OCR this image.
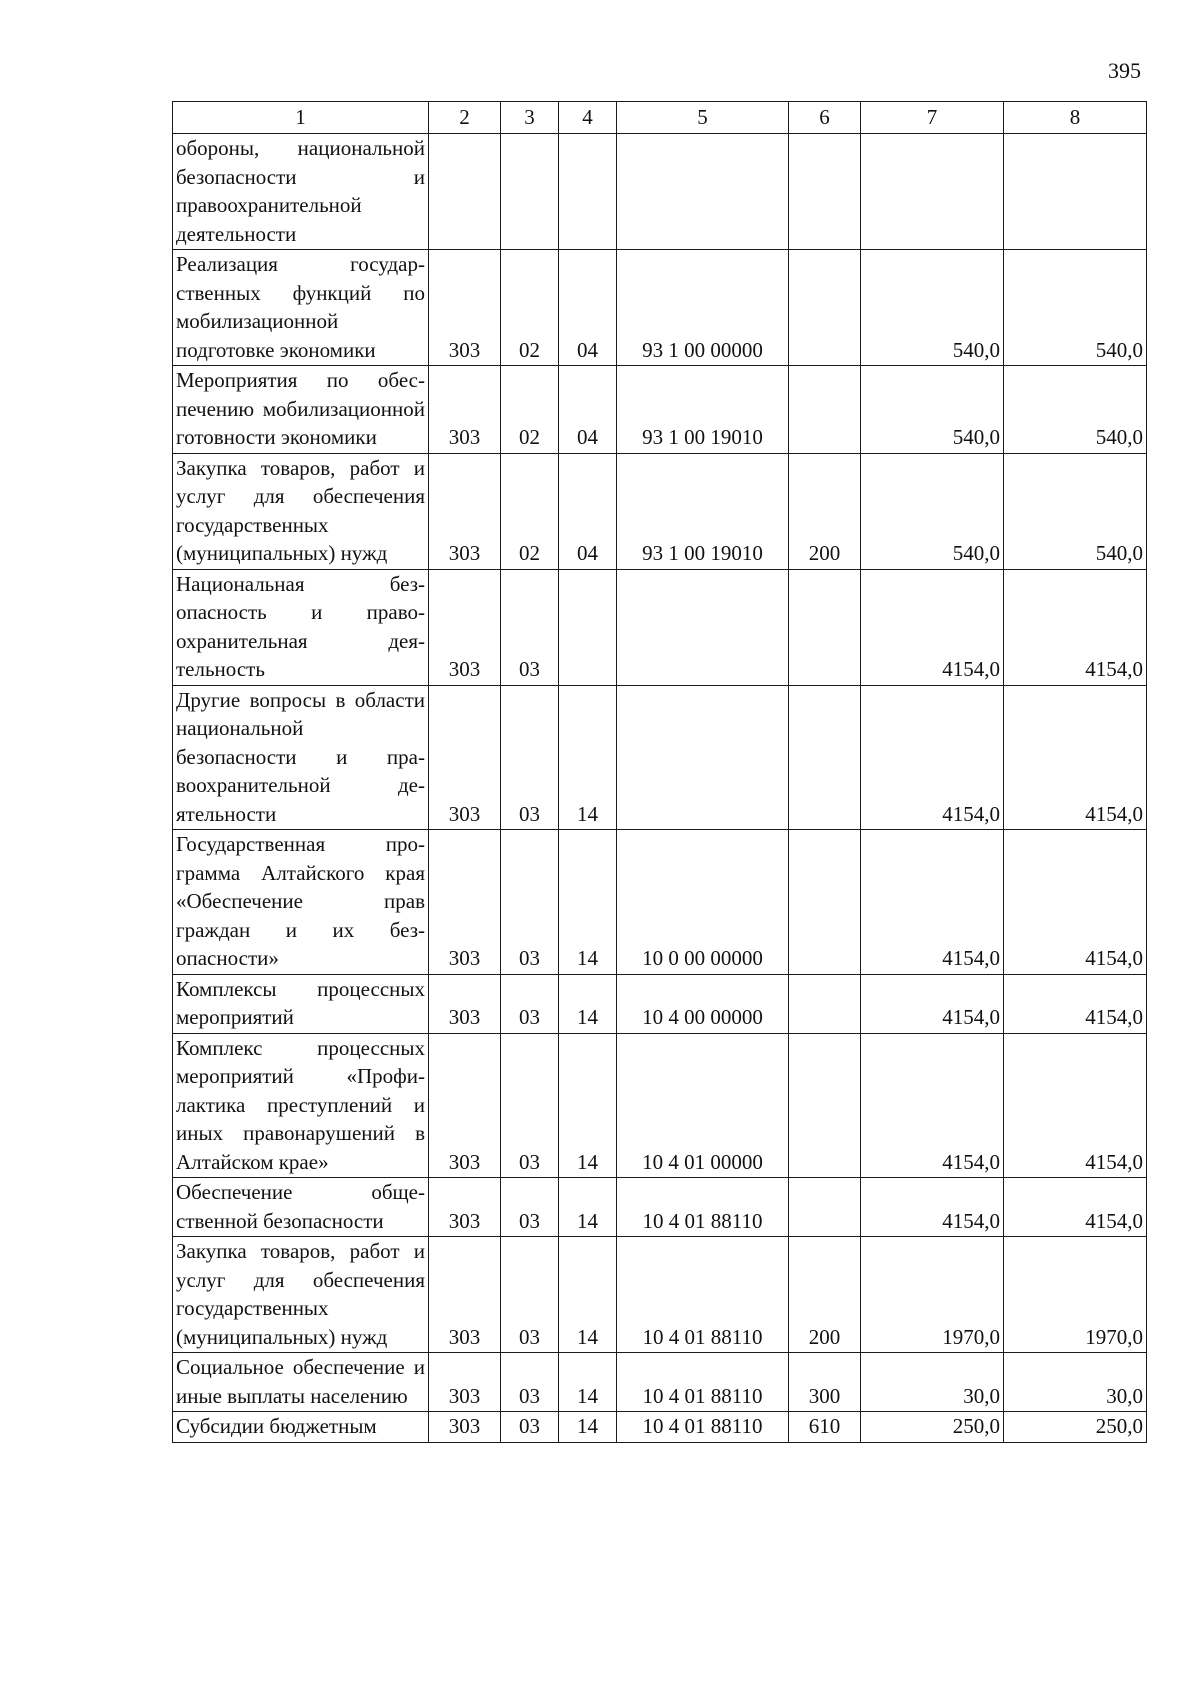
395
1	2	3	4	5	6	7	8
обороны, национальной безопасности и правоохранительной деятельности							
Реализация государственных функций по мобилизационной подготовке экономики	303	02	04	93 1 00 00000		540,0	540,0
Мероприятия по обеспечению мобилизационной готовности экономики	303	02	04	93 1 00 19010		540,0	540,0
Закупка товаров, работ и услуг для обеспечения государственных (муниципальных) нужд	303	02	04	93 1 00 19010	200	540,0	540,0
Национальная безопасность и правоохранительная деятельность	303	03				4154,0	4154,0
Другие вопросы в области национальной безопасности и правоохранительной деятельности	303	03	14			4154,0	4154,0
Государственная программа Алтайского края «Обеспечение прав граждан и их безопасности»	303	03	14	10 0 00 00000		4154,0	4154,0
Комплексы процессных мероприятий	303	03	14	10 4 00 00000		4154,0	4154,0
Комплекс процессных мероприятий «Профилактика преступлений и иных правонарушений в Алтайском крае»	303	03	14	10 4 01 00000		4154,0	4154,0
Обеспечение общественной безопасности	303	03	14	10 4 01 88110		4154,0	4154,0
Закупка товаров, работ и услуг для обеспечения государственных (муниципальных) нужд	303	03	14	10 4 01 88110	200	1970,0	1970,0
Социальное обеспечение и иные выплаты населению	303	03	14	10 4 01 88110	300	30,0	30,0
Субсидии бюджетным	303	03	14	10 4 01 88110	610	250,0	250,0
